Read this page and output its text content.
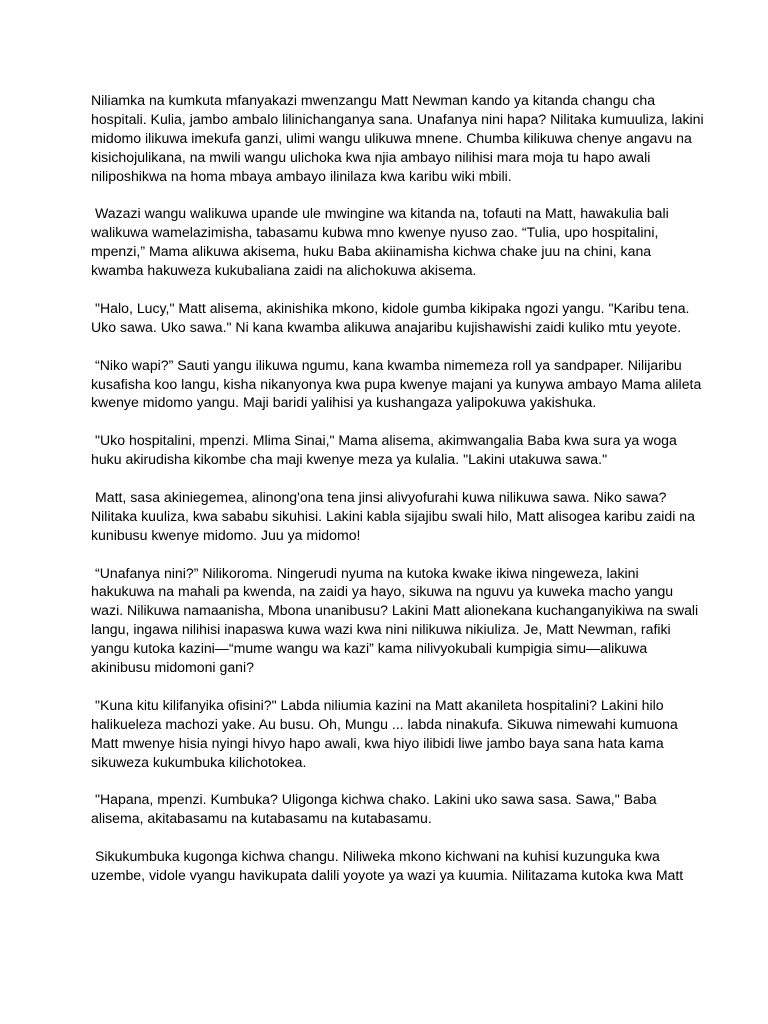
Niliamka na kumkuta mfanyakazi mwenzangu Matt Newman kando ya kitanda changu cha hospitali. Kulia, jambo ambalo lilinichanganya sana. Unafanya nini hapa? Nilitaka kumuuliza, lakini midomo ilikuwa imekufa ganzi, ulimi wangu ulikuwa mnene. Chumba kilikuwa chenye angavu na kisichojulikana, na mwili wangu ulichoka kwa njia ambayo nilihisi mara moja tu hapo awali niliposhikwa na homa mbaya ambayo ilinilaza kwa karibu wiki mbili.

Wazazi wangu walikuwa upande ule mwingine wa kitanda na, tofauti na Matt, hawakulia bali walikuwa wamelazimisha, tabasamu kubwa mno kwenye nyuso zao. “Tulia, upo hospitalini, mpenzi,” Mama alikuwa akisema, huku Baba akiinamisha kichwa chake juu na chini, kana kwamba hakuweza kukubaliana zaidi na alichokuwa akisema.

"Halo, Lucy," Matt alisema, akinishika mkono, kidole gumba kikipaka ngozi yangu. "Karibu tena. Uko sawa. Uko sawa." Ni kana kwamba alikuwa anajaribu kujishawishi zaidi kuliko mtu yeyote.

“Niko wapi?” Sauti yangu ilikuwa ngumu, kana kwamba nimemeza roll ya sandpaper. Nilijaribu kusafisha koo langu, kisha nikanyonya kwa pupa kwenye majani ya kunywa ambayo Mama alileta kwenye midomo yangu. Maji baridi yalihisi ya kushangaza yalipokuwa yakishuka.

"Uko hospitalini, mpenzi. Mlima Sinai," Mama alisema, akimwangalia Baba kwa sura ya woga huku akirudisha kikombe cha maji kwenye meza ya kulalia. "Lakini utakuwa sawa."

Matt, sasa akiniegemea, alinong'ona tena jinsi alivyofurahi kuwa nilikuwa sawa. Niko sawa? Nilitaka kuuliza, kwa sababu sikuhisi. Lakini kabla sijajibu swali hilo, Matt alisogea karibu zaidi na kunibusu kwenye midomo. Juu ya midomo!

“Unafanya nini?” Nilikoroma. Ningerudi nyuma na kutoka kwake ikiwa ningeweza, lakini hakukuwa na mahali pa kwenda, na zaidi ya hayo, sikuwa na nguvu ya kuweka macho yangu wazi. Nilikuwa namaanisha, Mbona unanibusu? Lakini Matt alionekana kuchanganyikiwa na swali langu, ingawa nilihisi inapaswa kuwa wazi kwa nini nilikuwa nikiuliza. Je, Matt Newman, rafiki yangu kutoka kazini—“mume wangu wa kazi” kama nilivyokubali kumpigia simu—alikuwa akinibusu midomoni gani?

"Kuna kitu kilifanyika ofisini?" Labda niliumia kazini na Matt akanileta hospitalini? Lakini hilo halikueleza machozi yake. Au busu. Oh, Mungu ... labda ninakufa. Sikuwa nimewahi kumuona Matt mwenye hisia nyingi hivyo hapo awali, kwa hiyo ilibidi liwe jambo baya sana hata kama sikuweza kukumbuka kilichotokea.

"Hapana, mpenzi. Kumbuka? Uligonga kichwa chako. Lakini uko sawa sasa. Sawa," Baba alisema, akitabasamu na kutabasamu na kutabasamu.

Sikukumbuka kugonga kichwa changu. Niliweka mkono kichwani na kuhisi kuzunguka kwa uzembe, vidole vyangu havikupata dalili yoyote ya wazi ya kuumia. Nilitazama kutoka kwa Matt
